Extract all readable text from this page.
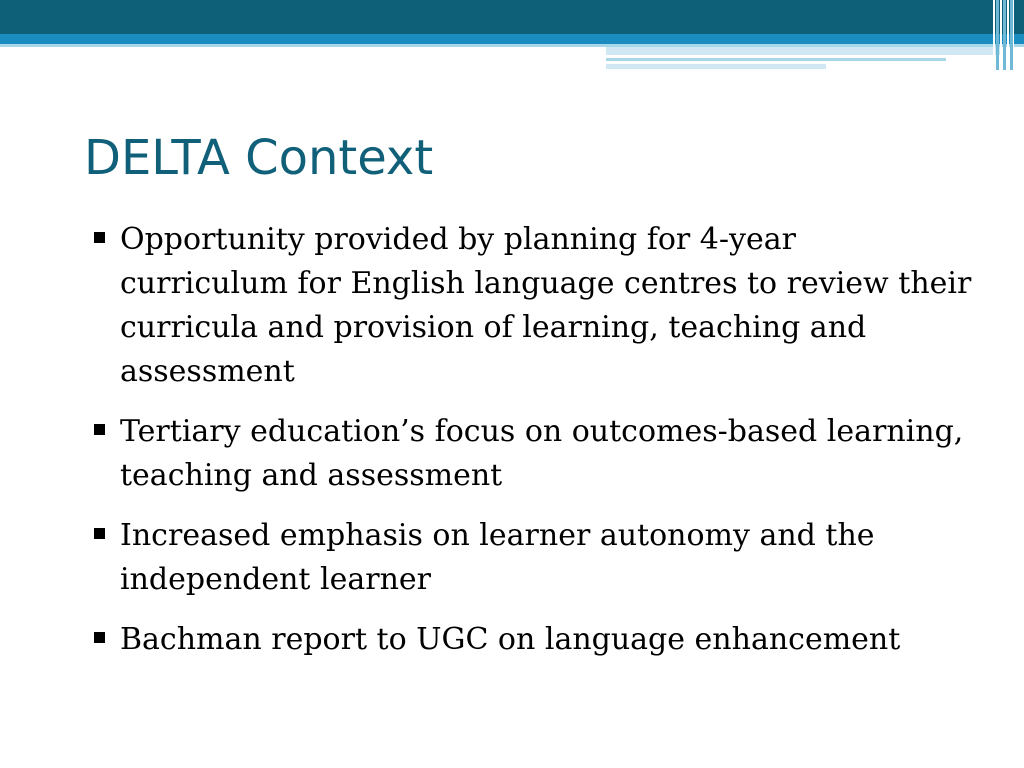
DELTA Context
Opportunity provided by planning for 4-year curriculum for English language centres to review their curricula and provision of learning, teaching and assessment
Tertiary education’s focus on outcomes-based learning, teaching and assessment
Increased emphasis on learner autonomy and the independent learner
Bachman report to UGC on language enhancement
